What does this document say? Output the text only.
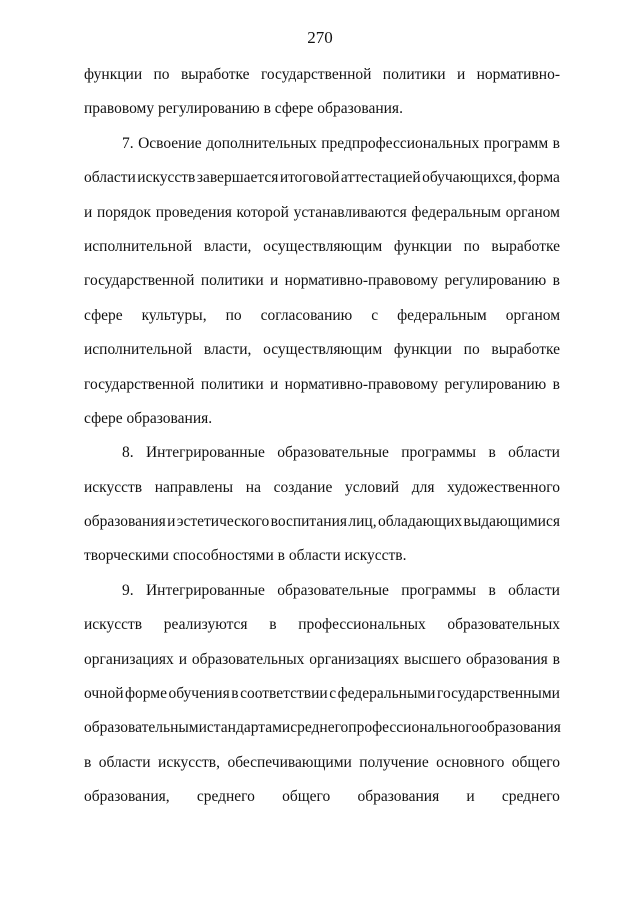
270
функции по выработке государственной политики и нормативно-
правовому регулированию в сфере образования.
7. Освоение дополнительных предпрофессиональных программ в
области искусств завершается итоговой аттестацией обучающихся, форма
и порядок проведения которой устанавливаются федеральным органом
исполнительной власти, осуществляющим функции по выработке
государственной политики и нормативно-правовому регулированию в
сфере культуры, по согласованию с федеральным органом
исполнительной власти, осуществляющим функции по выработке
государственной политики и нормативно-правовому регулированию в
сфере образования.
8. Интегрированные образовательные программы в области
искусств направлены на создание условий для художественного
образования и эстетического воспитания лиц, обладающих выдающимися
творческими способностями в области искусств.
9. Интегрированные образовательные программы в области
искусств реализуются в профессиональных образовательных
организациях и образовательных организациях высшего образования в
очной форме обучения в соответствии с федеральными государственными
образовательными стандартами среднего профессионального образования
в области искусств, обеспечивающими получение основного общего
образования, среднего общего образования и среднего
